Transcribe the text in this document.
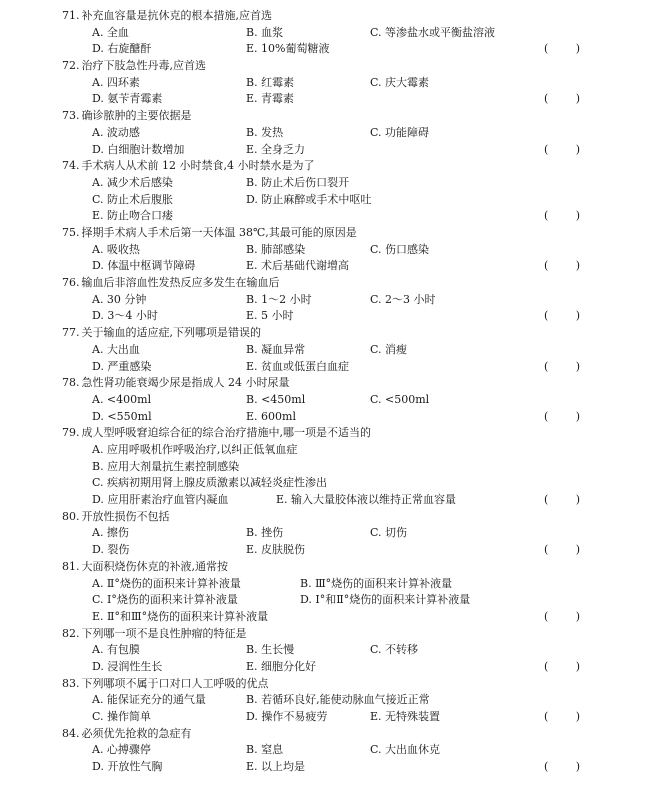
71. 补充血容量是抗休克的根本措施,应首选
A. 全血	B. 血浆	C. 等渗盐水或平衡盐溶液
D. 右旋醣酐	E. 10%葡萄糖液	( )
72. 治疗下肢急性丹毒,应首选
A. 四环素	B. 红霉素	C. 庆大霉素
D. 氨苄青霉素	E. 青霉素	( )
73. 确诊脓肿的主要依据是
A. 波动感	B. 发热	C. 功能障碍
D. 白细胞计数增加	E. 全身乏力	( )
74. 手术病人从术前 12 小时禁食,4 小时禁水是为了
A. 减少术后感染	B. 防止术后伤口裂开
C. 防止术后腹胀	D. 防止麻醉或手术中呕吐
E. 防止吻合口瘘	( )
75. 择期手术病人手术后第一天体温 38℃,其最可能的原因是
A. 吸收热	B. 肺部感染	C. 伤口感染
D. 体温中枢调节障碍	E. 术后基础代谢增高	( )
76. 输血后非溶血性发热反应多发生在输血后
A. 30 分钟	B. 1～2 小时	C. 2～3 小时
D. 3～4 小时	E. 5 小时	( )
77. 关于输血的适应症,下列哪项是错误的
A. 大出血	B. 凝血异常	C. 消瘦
D. 严重感染	E. 贫血或低蛋白血症	( )
78. 急性肾功能衰竭少尿是指成人 24 小时尿量
A. <400ml	B. <450ml	C. <500ml
D. <550ml	E. 600ml	( )
79. 成人型呼吸窘迫综合征的综合治疗措施中,哪一项是不适当的
A. 应用呼吸机作呼吸治疗,以纠正低氧血症
B. 应用大剂量抗生素控制感染
C. 疾病初期用肾上腺皮质激素以减轻炎症性渗出
D. 应用肝素治疗血管内凝血	E. 输入大量胶体液以维持正常血容量	( )
80. 开放性损伤不包括
A. 擦伤	B. 挫伤	C. 切伤
D. 裂伤	E. 皮肤脱伤	( )
81. 大面积烧伤休克的补液,通常按
A. Ⅱ°烧伤的面积来计算补液量	B. Ⅲ°烧伤的面积来计算补液量
C. Ⅰ°烧伤的面积来计算补液量	D. Ⅰ°和Ⅱ°烧伤的面积来计算补液量
E. Ⅱ°和Ⅲ°烧伤的面积来计算补液量	( )
82. 下列哪一项不是良性肿瘤的特征是
A. 有包膜	B. 生长慢	C. 不转移
D. 浸润性生长	E. 细胞分化好	( )
83. 下列哪项不属于口对口人工呼吸的优点
A. 能保证充分的通气量	B. 若循环良好,能使动脉血气接近正常
C. 操作简单	D. 操作不易疲劳	E. 无特殊装置	( )
84. 必须优先抢救的急症有
A. 心搏骤停	B. 窒息	C. 大出血休克
D. 开放性气胸	E. 以上均是	( )
